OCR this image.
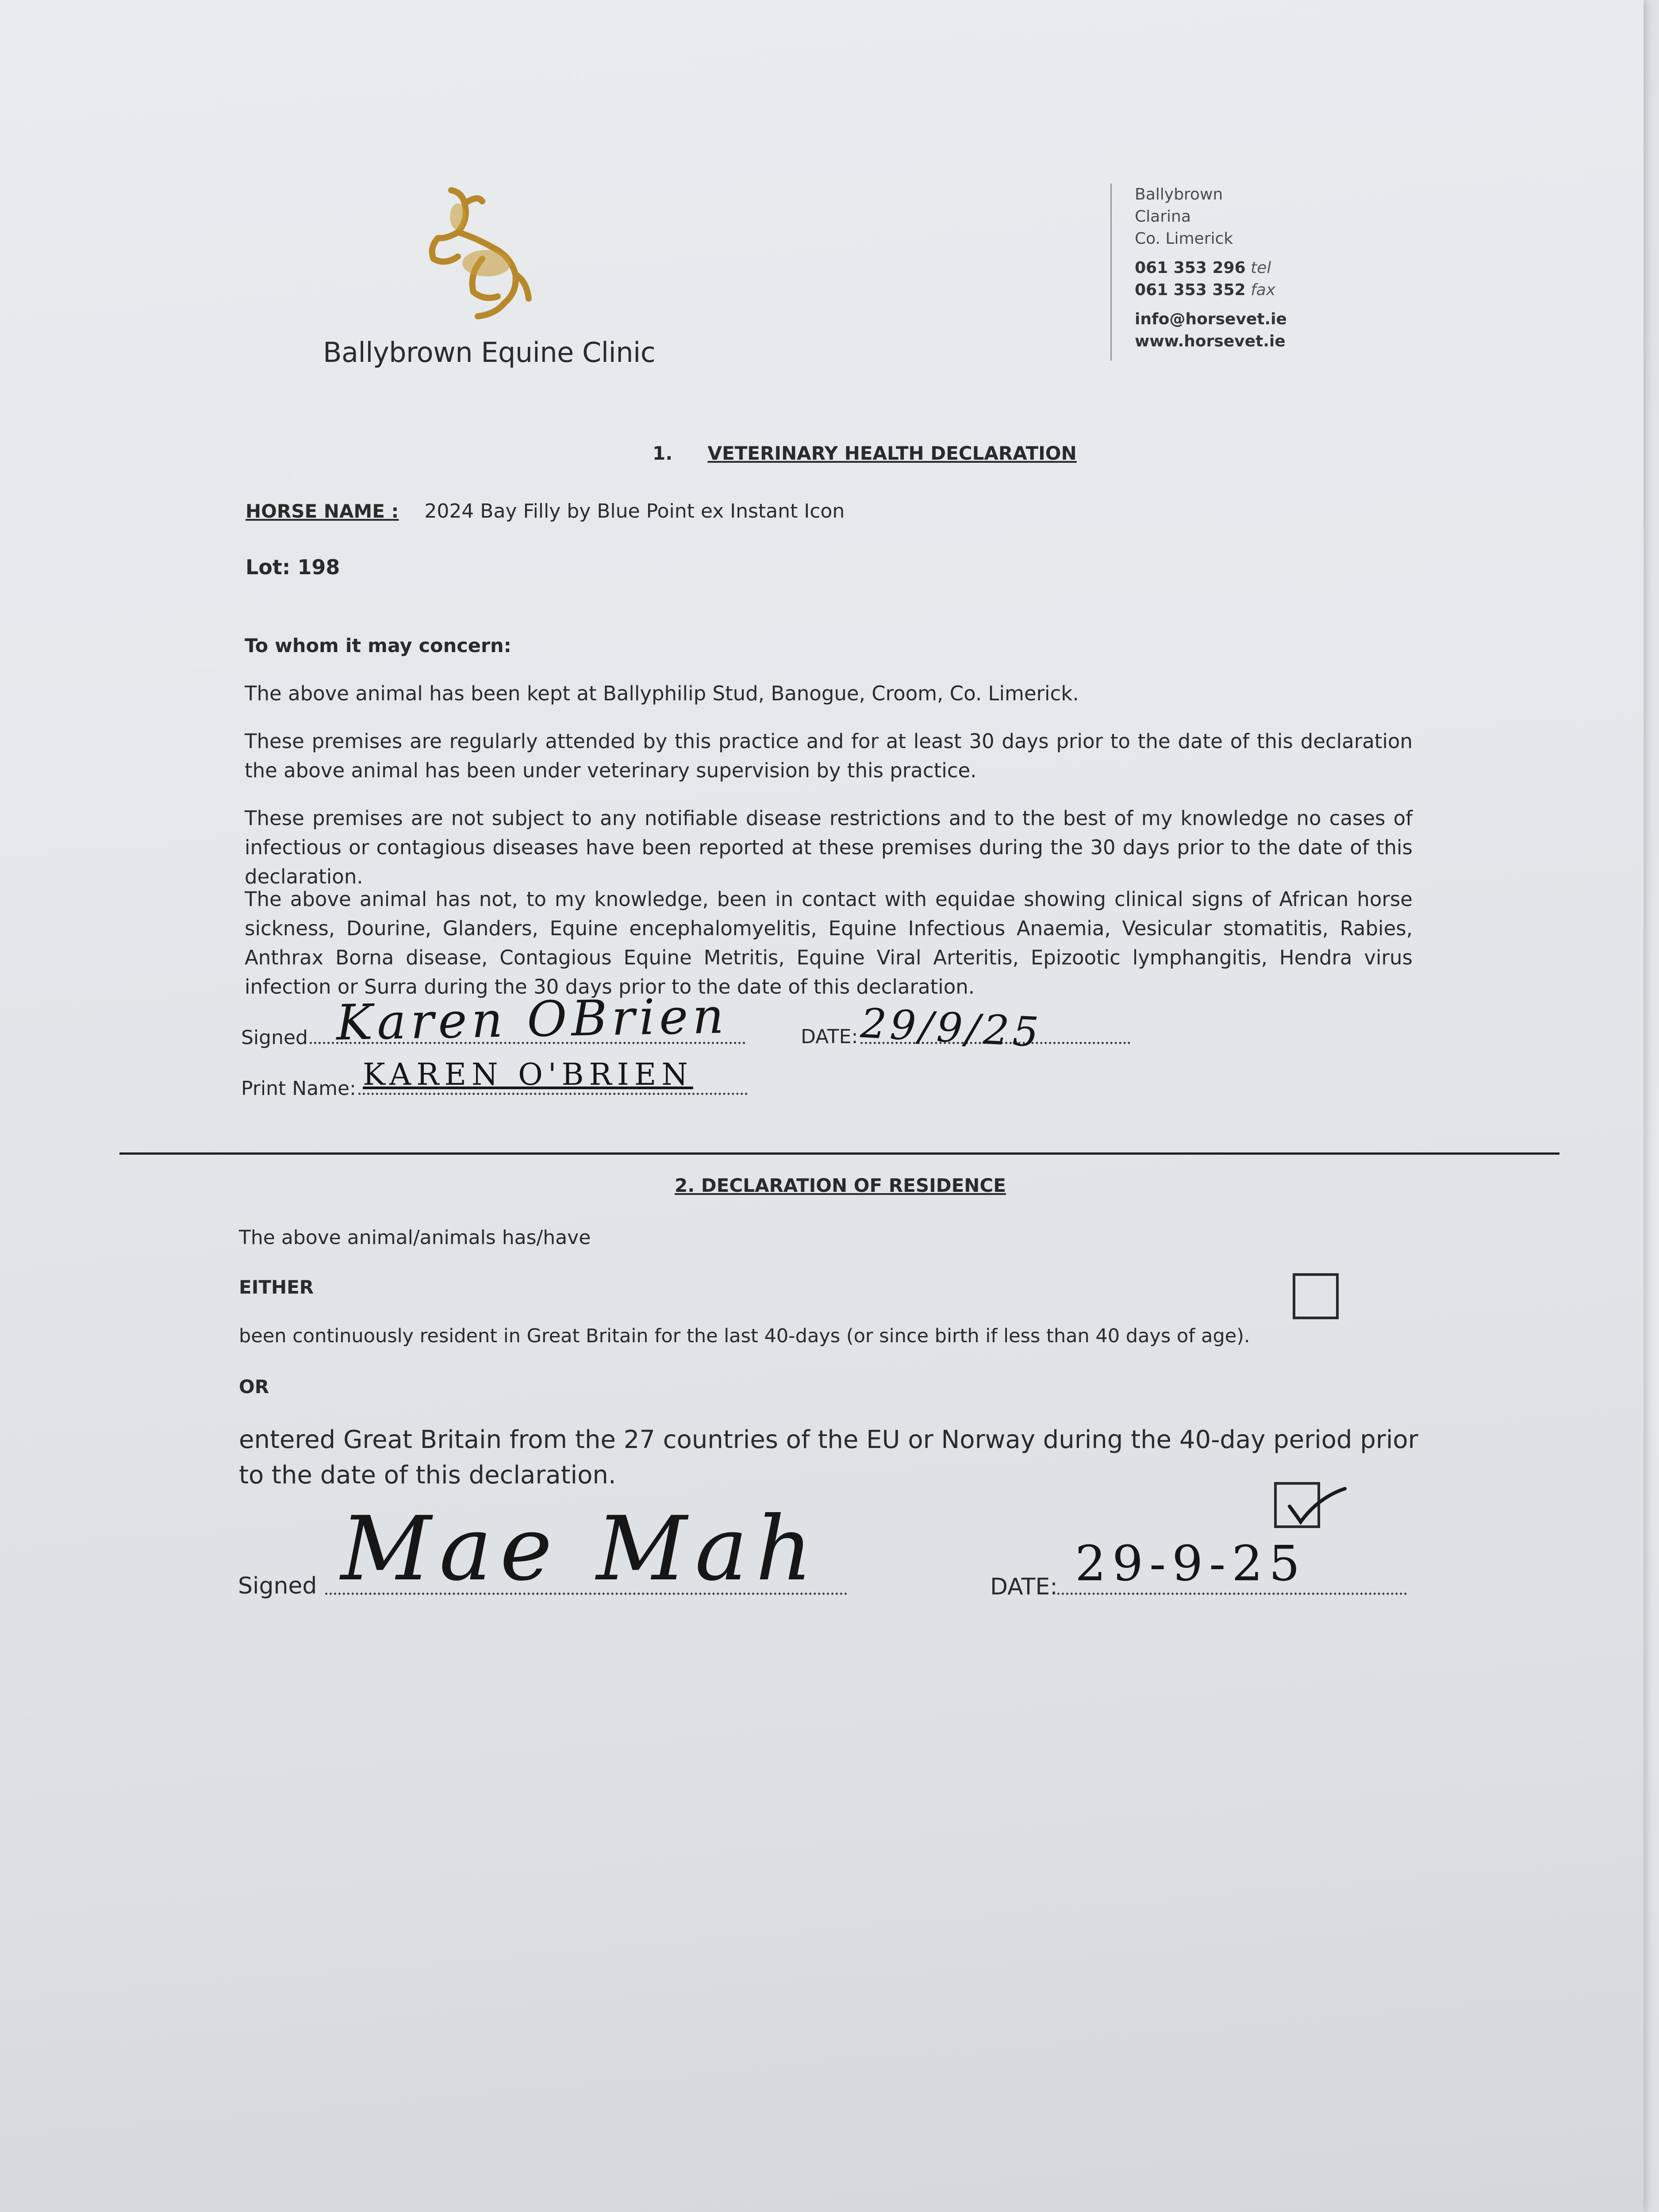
Ballybrown Equine Clinic
Ballybrown
Clarina
Co. Limerick
061 353 296 tel
061 353 352 fax
info@horsevet.ie
www.horsevet.ie
1. VETERINARY HEALTH DECLARATION
HORSE NAME : 2024 Bay Filly by Blue Point ex Instant Icon
Lot: 198
To whom it may concern:
The above animal has been kept at Ballyphilip Stud, Banogue, Croom, Co. Limerick.
These premises are regularly attended by this practice and for at least 30 days prior to the date of this declaration the above animal has been under veterinary supervision by this practice.
These premises are not subject to any notifiable disease restrictions and to the best of my knowledge no cases of infectious or contagious diseases have been reported at these premises during the 30 days prior to the date of this declaration.
The above animal has not, to my knowledge, been in contact with equidae showing clinical signs of African horse sickness, Dourine, Glanders, Equine encephalomyelitis, Equine Infectious Anaemia, Vesicular stomatitis, Rabies, Anthrax Borna disease, Contagious Equine Metritis, Equine Viral Arteritis, Epizootic lymphangitis, Hendra virus infection or Surra during the 30 days prior to the date of this declaration.
Signed Karen OBrien	DATE: 29/9/25
Print Name: KAREN O'BRIEN
2. DECLARATION OF RESIDENCE
The above animal/animals has/have
EITHER
been continuously resident in Great Britain for the last 40-days (or since birth if less than 40 days of age).
OR
entered Great Britain from the 27 countries of the EU or Norway during the 40-day period prior to the date of this declaration.
Signed Mae Mah	DATE: 29-9-25
